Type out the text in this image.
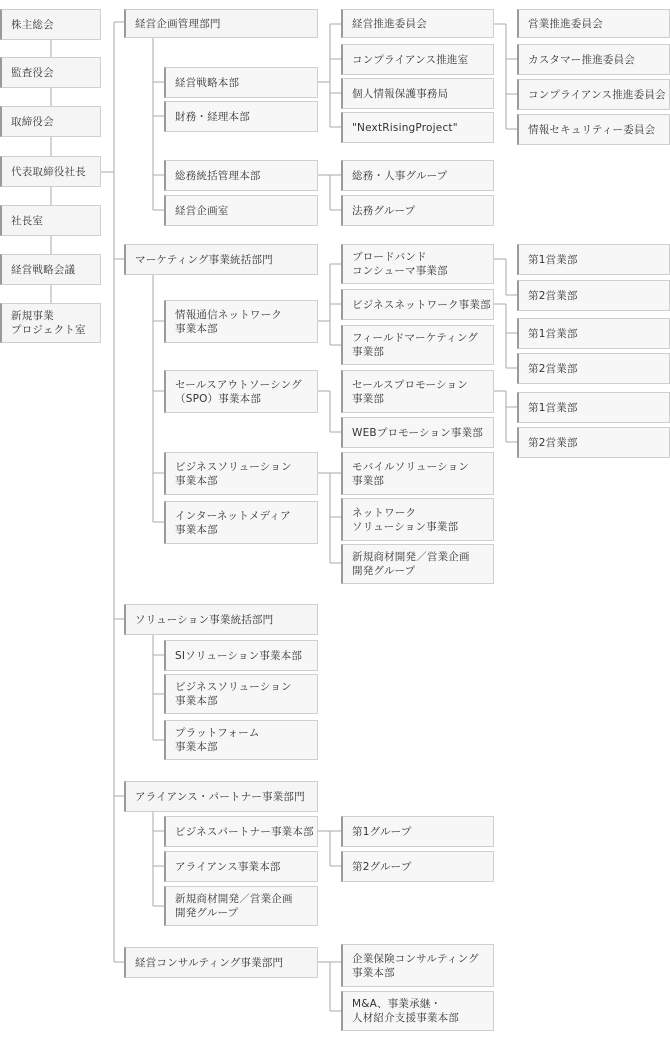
株主総会
監査役会
取締役会
代表取締役社長
社長室
経営戦略会議
新規事業
プロジェクト室
経営企画管理部門
マーケティング事業統括部門
ソリューション事業統括部門
アライアンス・パートナー事業部門
経営コンサルティング事業部門
経営戦略本部
財務・経理本部
総務統括管理本部
経営企画室
経営推進委員会
コンプライアンス推進室
個人情報保護事務局
"NextRisingProject"
営業推進委員会
カスタマー推進委員会
コンプライアンス推進委員会
情報セキュリティー委員会
総務・人事グループ
法務グループ
情報通信ネットワーク
事業本部
セールスアウトソーシング
（SPO）事業本部
ビジネスソリューション
事業本部
インターネットメディア
事業本部
ブロードバンド
コンシューマ事業部
ビジネスネットワーク事業部
フィールドマーケティング
事業部
セールスプロモーション
事業部
WEBプロモーション事業部
モバイルソリューション
事業部
ネットワーク
ソリューション事業部
新規商材開発／営業企画
開発グループ
第1営業部
第2営業部
第1営業部
第2営業部
第1営業部
第2営業部
SIソリューション事業本部
ビジネスソリューション
事業本部
プラットフォーム
事業本部
ビジネスパートナー事業本部
アライアンス事業本部
新規商材開発／営業企画
開発グループ
第1グループ
第2グループ
企業保険コンサルティング
事業本部
M&A、事業承継・
人材紹介支援事業本部
